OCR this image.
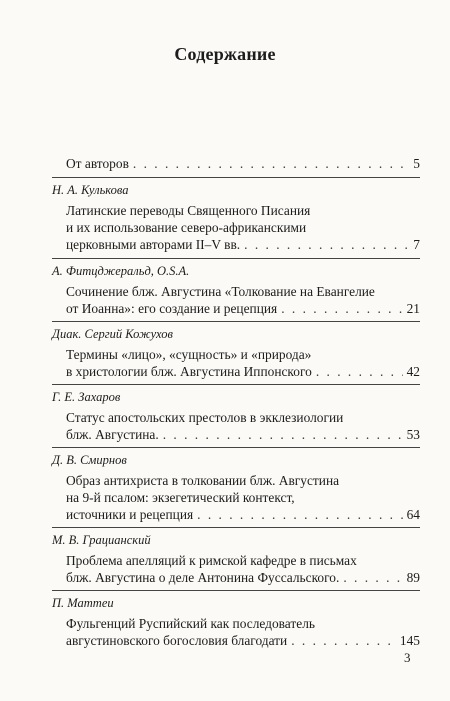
Содержание
От авторов . . .	5
Н. А. Кулькова
Латинские переводы Священного Писания
и их использование северо-африканскими
церковными авторами II–V вв. . . .	7
А. Фитцджеральд, O.S.A.
Сочинение блж. Августина «Толкование на Евангелие
от Иоанна»: его создание и рецепция . . .	21
Диак. Сергий Кожухов
Термины «лицо», «сущность» и «природа»
в христологии блж. Августина Иппонского . . .	42
Г. Е. Захаров
Статус апостольских престолов в экклезиологии
блж. Августина. . . .	53
Д. В. Смирнов
Образ антихриста в толковании блж. Августина
на 9-й псалом: экзегетический контекст,
источники и рецепция . . .	64
М. В. Грацианский
Проблема апелляций к римской кафедре в письмах
блж. Августина о деле Антонина Фуссальского. . . .	89
П. Маттеи
Фульгенций Руспийский как последователь
августиновского богословия благодати . . .	145
3
